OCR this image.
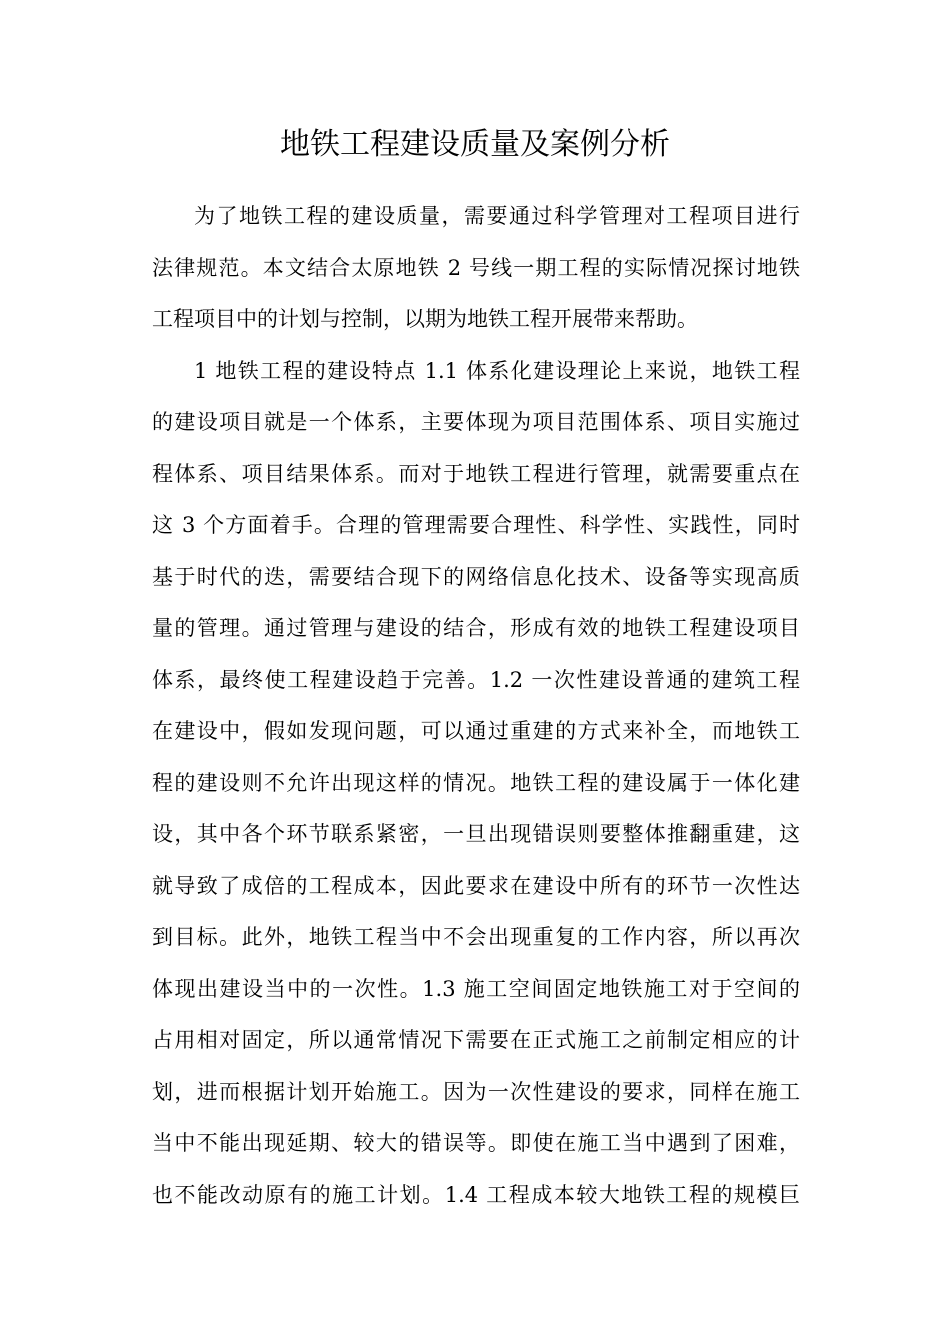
地铁工程建设质量及案例分析
为了地铁工程的建设质量，需要通过科学管理对工程项目进行
法律规范。本文结合太原地铁 2 号线一期工程的实际情况探讨地铁
工程项目中的计划与控制，以期为地铁工程开展带来帮助。
1 地铁工程的建设特点 1.1 体系化建设理论上来说，地铁工程
的建设项目就是一个体系，主要体现为项目范围体系、项目实施过
程体系、项目结果体系。而对于地铁工程进行管理，就需要重点在
这 3 个方面着手。合理的管理需要合理性、科学性、实践性，同时
基于时代的迭，需要结合现下的网络信息化技术、设备等实现高质
量的管理。通过管理与建设的结合，形成有效的地铁工程建设项目
体系，最终使工程建设趋于完善。1.2 一次性建设普通的建筑工程
在建设中，假如发现问题，可以通过重建的方式来补全，而地铁工
程的建设则不允许出现这样的情况。地铁工程的建设属于一体化建
设，其中各个环节联系紧密，一旦出现错误则要整体推翻重建，这
就导致了成倍的工程成本，因此要求在建设中所有的环节一次性达
到目标。此外，地铁工程当中不会出现重复的工作内容，所以再次
体现出建设当中的一次性。1.3 施工空间固定地铁施工对于空间的
占用相对固定，所以通常情况下需要在正式施工之前制定相应的计
划，进而根据计划开始施工。因为一次性建设的要求，同样在施工
当中不能出现延期、较大的错误等。即使在施工当中遇到了困难，
也不能改动原有的施工计划。1.4 工程成本较大地铁工程的规模巨
